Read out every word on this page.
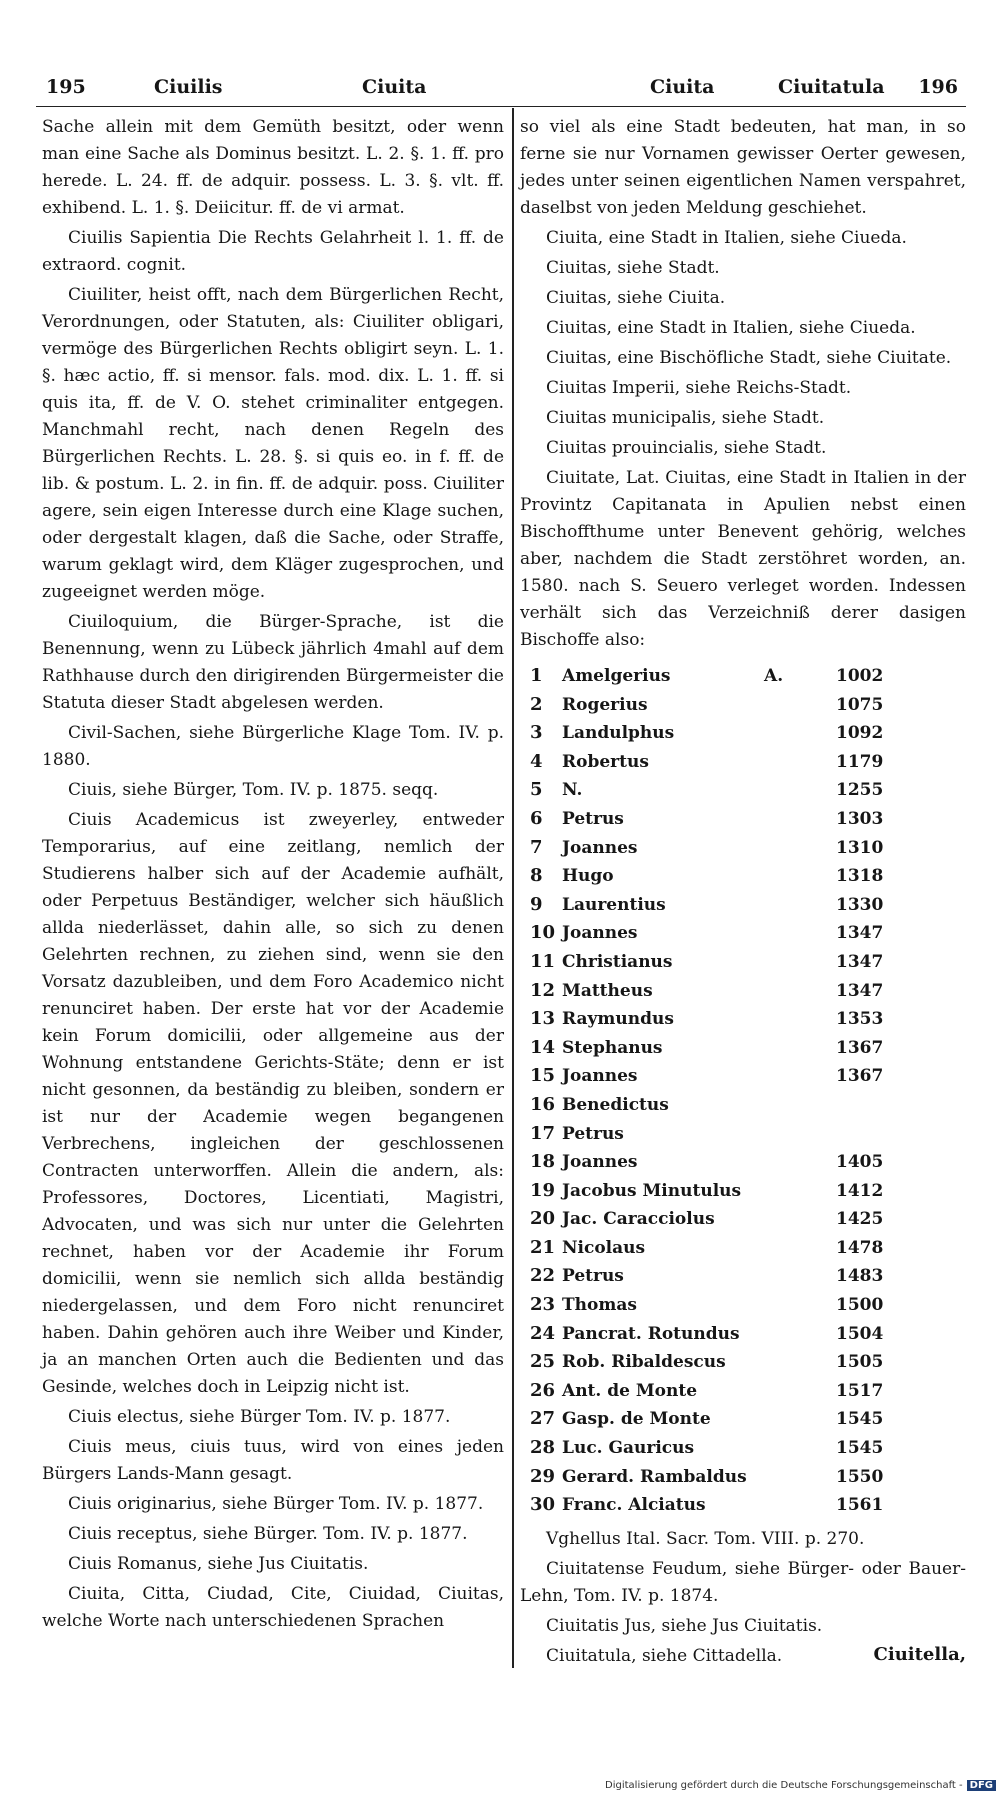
195	Ciuilis	Ciuita	Ciuita	Ciuitatula 196

Sache allein mit dem Gemüth besitzt, oder wenn man eine Sache als Dominus besitzt. L. 2. §. 1. ff. pro herede. L. 24. ff. de adquir. possess. L. 3. §. vlt. ff. exhibend. L. 1. §. Deiicitur. ff. de vi armat.

Ciuilis Sapientia Die Rechts Gelahrheit l. 1. ff. de extraord. cognit.

Ciuiliter, heist offt, nach dem Bürgerlichen Recht, Verordnungen, oder Statuten, als: Ciuiliter obligari, vermöge des Bürgerlichen Rechts obligirt seyn. L. 1. §. hæc actio, ff. si mensor. fals. mod. dix. L. 1. ff. si quis ita, ff. de V. O. stehet criminaliter entgegen. Manchmahl recht, nach denen Regeln des Bürgerlichen Rechts. L. 28. §. si quis eo. in f. ff. de lib. & postum. L. 2. in fin. ff. de adquir. poss. Ciuiliter agere, sein eigen Interesse durch eine Klage suchen, oder dergestalt klagen, daß die Sache, oder Straffe, warum geklagt wird, dem Kläger zugesprochen, und zugeeignet werden möge.

Ciuiloquium, die Bürger-Sprache, ist die Benennung, wenn zu Lübeck jährlich 4mahl auf dem Rathhause durch den dirigirenden Bürgermeister die Statuta dieser Stadt abgelesen werden.

Civil-Sachen, siehe Bürgerliche Klage Tom. IV. p. 1880.

Ciuis, siehe Bürger, Tom. IV. p. 1875. seqq.

Ciuis Academicus ist zweyerley, entweder Temporarius, auf eine zeitlang, nemlich der Studierens halber sich auf der Academie aufhält, oder Perpetuus Beständiger, welcher sich häußlich allda niederlässet, dahin alle, so sich zu denen Gelehrten rechnen, zu ziehen sind, wenn sie den Vorsatz dazubleiben, und dem Foro Academico nicht renunciret haben. Der erste hat vor der Academie kein Forum domicilii, oder allgemeine aus der Wohnung entstandene Gerichts-Stäte; denn er ist nicht gesonnen, da beständig zu bleiben, sondern er ist nur der Academie wegen begangenen Verbrechens, ingleichen der geschlossenen Contracten unterworffen. Allein die andern, als: Professores, Doctores, Licentiati, Magistri, Advocaten, und was sich nur unter die Gelehrten rechnet, haben vor der Academie ihr Forum domicilii, wenn sie nemlich sich allda beständig niedergelassen, und dem Foro nicht renunciret haben. Dahin gehören auch ihre Weiber und Kinder, ja an manchen Orten auch die Bedienten und das Gesinde, welches doch in Leipzig nicht ist.

Ciuis electus, siehe Bürger Tom. IV. p. 1877.

Ciuis meus, ciuis tuus, wird von eines jeden Bürgers Lands-Mann gesagt.

Ciuis originarius, siehe Bürger Tom. IV. p. 1877.

Ciuis receptus, siehe Bürger. Tom. IV. p. 1877.

Ciuis Romanus, siehe Jus Ciuitatis.

Ciuita, Citta, Ciudad, Cite, Ciuidad, Ciuitas, welche Worte nach unterschiedenen Sprachen

so viel als eine Stadt bedeuten, hat man, in so ferne sie nur Vornamen gewisser Oerter gewesen, jedes unter seinen eigentlichen Namen verspahret, daselbst von jeden Meldung geschiehet.

Ciuita, eine Stadt in Italien, siehe Ciueda.

Ciuitas, siehe Stadt.

Ciuitas, siehe Ciuita.

Ciuitas, eine Stadt in Italien, siehe Ciueda.

Ciuitas, eine Bischöfliche Stadt, siehe Ciuitate.

Ciuitas Imperii, siehe Reichs-Stadt.

Ciuitas municipalis, siehe Stadt.

Ciuitas prouincialis, siehe Stadt.

Ciuitate, Lat. Ciuitas, eine Stadt in Italien in der Provintz Capitanata in Apulien nebst einen Bischoffthume unter Benevent gehörig, welches aber, nachdem die Stadt zerstöhret worden, an. 1580. nach S. Seuero verleget worden. Indessen verhält sich das Verzeichniß derer dasigen Bischoffe also:

1	Amelgerius	A.	1002
2	Rogerius	1075
3	Landulphus	1092
4	Robertus	1179
5	N.	1255
6	Petrus	1303
7	Joannes	1310
8	Hugo	1318
9	Laurentius	1330
10 Joannes	1347
11 Christianus	1347
12 Mattheus	1347
13 Raymundus	1353
14 Stephanus	1367
15 Joannes	1367
16 Benedictus
17 Petrus
18 Joannes	1405
19 Jacobus Minutulus	1412
20 Jac. Caracciolus	1425
21 Nicolaus	1478
22 Petrus	1483
23 Thomas	1500
24 Pancrat. Rotundus	1504
25 Rob. Ribaldescus	1505
26 Ant. de Monte	1517
27 Gasp. de Monte	1545
28 Luc. Gauricus	1545
29 Gerard. Rambaldus	1550
30 Franc. Alciatus	1561

Vghellus Ital. Sacr. Tom. VIII. p. 270.

Ciuitatense Feudum, siehe Bürger- oder Bauer-Lehn, Tom. IV. p. 1874.

Ciuitatis Jus, siehe Jus Ciuitatis.

Ciuitatula, siehe Cittadella.	Ciuitella,
Digitalisierung gefördert durch die Deutsche Forschungsgemeinschaft - DFG
